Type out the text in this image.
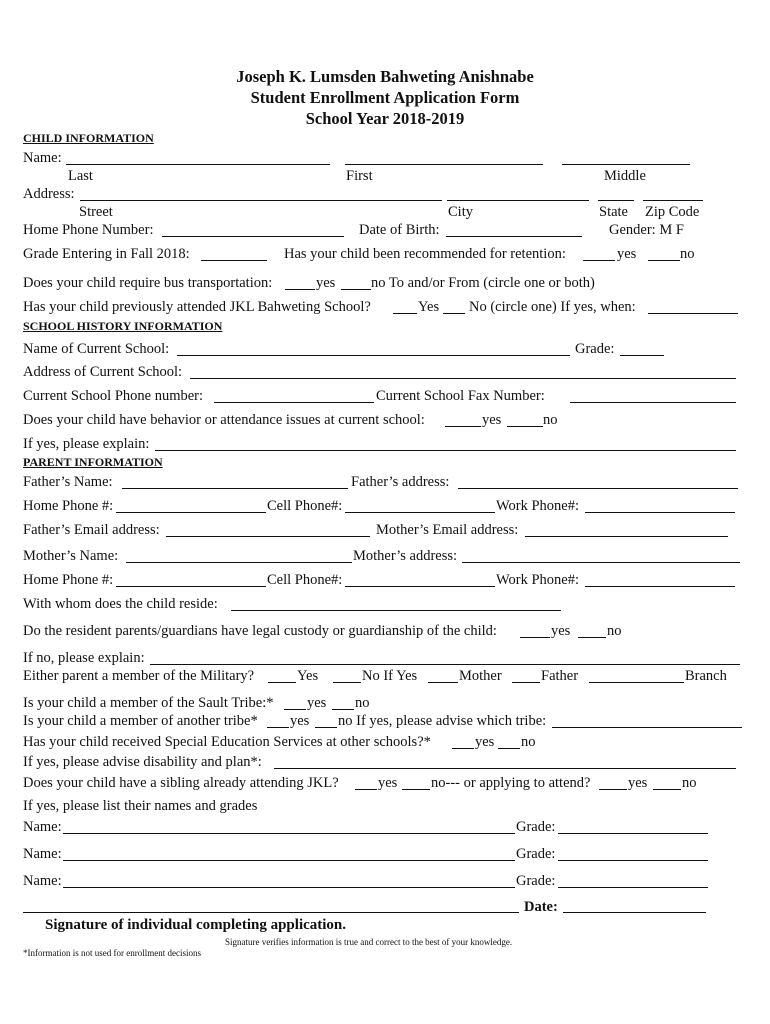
Joseph K. Lumsden Bahweting Anishnabe
Student Enrollment Application Form
School Year 2018-2019
CHILD INFORMATION
Name:
Last	First	Middle
Address:
Street	City	State Zip Code
Home Phone Number:	Date of Birth:	Gender: M F
Grade Entering in Fall 2018:	Has your child been recommended for retention:	yes	no
Does your child require bus transportation:	yes no To and/or From (circle one or both)
Has your child previously attended JKL Bahweting School?	Yes No (circle one) If yes, when:
SCHOOL HISTORY INFORMATION
Name of Current School:	Grade:
Address of Current School:
Current School Phone number:	Current School Fax Number:
Does your child have behavior or attendance issues at current school:	yes	no
If yes, please explain:
PARENT INFORMATION
Father’s Name:	Father’s address:
Home Phone #:	Cell Phone#:	Work Phone#:
Father’s Email address:	Mother’s Email address:
Mother’s Name:	Mother’s address:
Home Phone #:	Cell Phone#:	Work Phone#:
With whom does the child reside:
Do the resident parents/guardians have legal custody or guardianship of the child:	yes	no
If no, please explain:
Either parent a member of the Military?	Yes	No If Yes	Mother	Father	Branch
Is your child a member of the Sault Tribe:* yes no
Is your child a member of another tribe* yes no If yes, please advise which tribe:
Has your child received Special Education Services at other schools?*	yes no
If yes, please advise disability and plan*:
Does your child have a sibling already attending JKL?	yes no--- or applying to attend?	yes no
If yes, please list their names and grades
Name:	Grade:
Name:	Grade:
Name:	Grade:
Date:
Signature of individual completing application.
Signature verifies information is true and correct to the best of your knowledge.
*Information is not used for enrollment decisions
